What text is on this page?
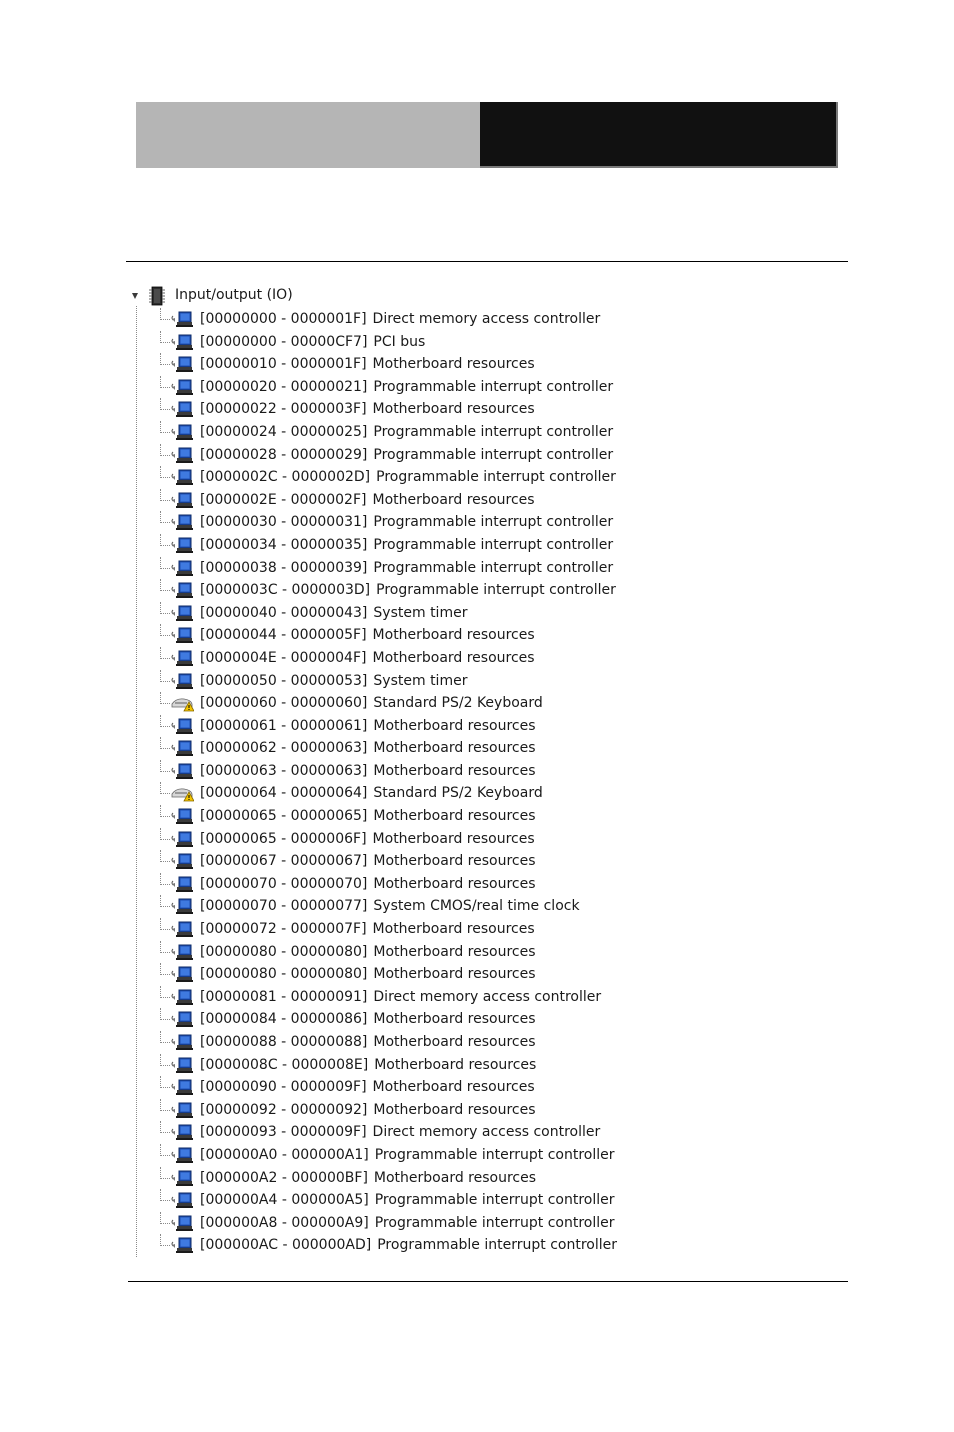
Input/output (IO)
[00000000 - 0000001F] Direct memory access controller
[00000000 - 00000CF7] PCI bus
[00000010 - 0000001F] Motherboard resources
[00000020 - 00000021] Programmable interrupt controller
[00000022 - 0000003F] Motherboard resources
[00000024 - 00000025] Programmable interrupt controller
[00000028 - 00000029] Programmable interrupt controller
[0000002C - 0000002D] Programmable interrupt controller
[0000002E - 0000002F] Motherboard resources
[00000030 - 00000031] Programmable interrupt controller
[00000034 - 00000035] Programmable interrupt controller
[00000038 - 00000039] Programmable interrupt controller
[0000003C - 0000003D] Programmable interrupt controller
[00000040 - 00000043] System timer
[00000044 - 0000005F] Motherboard resources
[0000004E - 0000004F] Motherboard resources
[00000050 - 00000053] System timer
[00000060 - 00000060] Standard PS/2 Keyboard
[00000061 - 00000061] Motherboard resources
[00000062 - 00000063] Motherboard resources
[00000063 - 00000063] Motherboard resources
[00000064 - 00000064] Standard PS/2 Keyboard
[00000065 - 00000065] Motherboard resources
[00000065 - 0000006F] Motherboard resources
[00000067 - 00000067] Motherboard resources
[00000070 - 00000070] Motherboard resources
[00000070 - 00000077] System CMOS/real time clock
[00000072 - 0000007F] Motherboard resources
[00000080 - 00000080] Motherboard resources
[00000080 - 00000080] Motherboard resources
[00000081 - 00000091] Direct memory access controller
[00000084 - 00000086] Motherboard resources
[00000088 - 00000088] Motherboard resources
[0000008C - 0000008E] Motherboard resources
[00000090 - 0000009F] Motherboard resources
[00000092 - 00000092] Motherboard resources
[00000093 - 0000009F] Direct memory access controller
[000000A0 - 000000A1] Programmable interrupt controller
[000000A2 - 000000BF] Motherboard resources
[000000A4 - 000000A5] Programmable interrupt controller
[000000A8 - 000000A9] Programmable interrupt controller
[000000AC - 000000AD] Programmable interrupt controller
